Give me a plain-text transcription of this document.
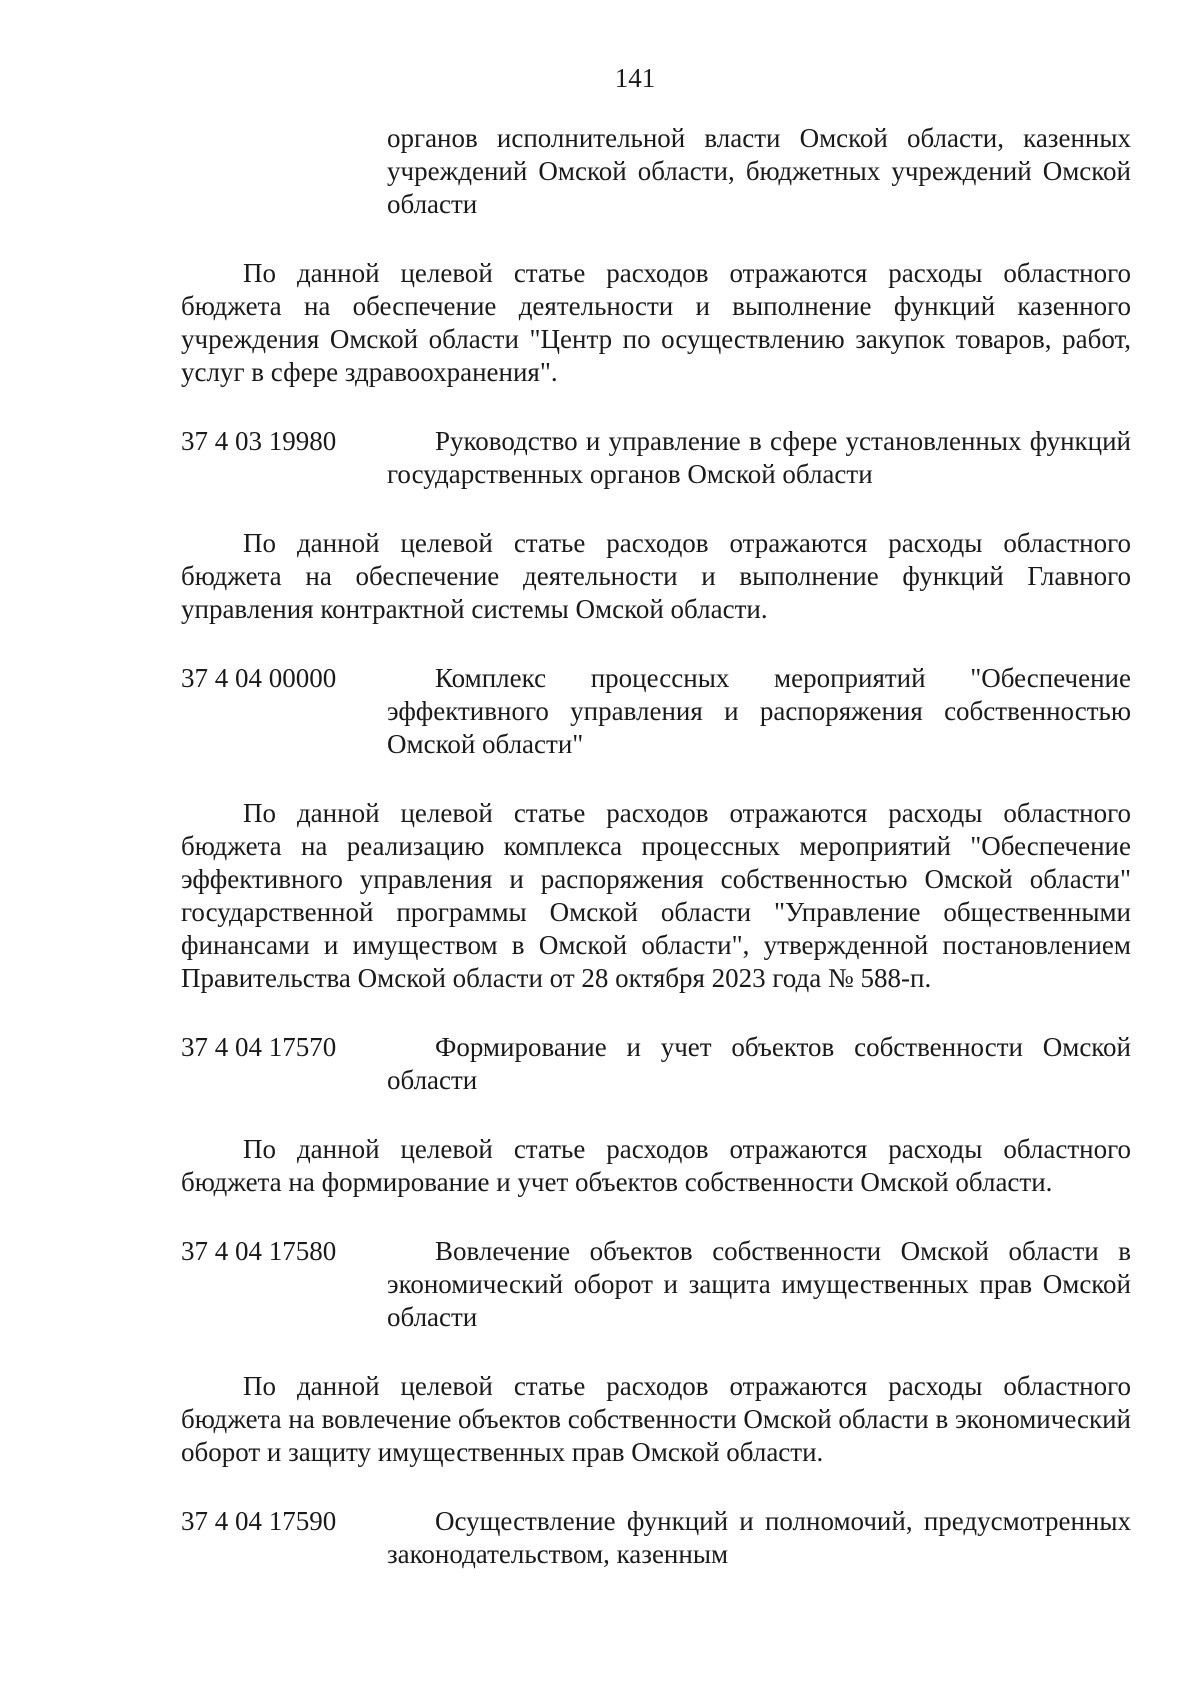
141
органов исполнительной власти Омской области, казенных учреждений Омской области, бюджетных учреждений Омской области
По данной целевой статье расходов отражаются расходы областного бюджета на обеспечение деятельности и выполнение функций казенного учреждения Омской области "Центр по осуществлению закупок товаров, работ, услуг в сфере здравоохранения".
37 4 03 19980	Руководство и управление в сфере установленных функций государственных органов Омской области
По данной целевой статье расходов отражаются расходы областного бюджета на обеспечение деятельности и выполнение функций Главного управления контрактной системы Омской области.
37 4 04 00000	Комплекс процессных мероприятий "Обеспечение эффективного управления и распоряжения собственностью Омской области"
По данной целевой статье расходов отражаются расходы областного бюджета на реализацию комплекса процессных мероприятий "Обеспечение эффективного управления и распоряжения собственностью Омской области" государственной программы Омской области "Управление общественными финансами и имуществом в Омской области", утвержденной постановлением Правительства Омской области от 28 октября 2023 года № 588-п.
37 4 04 17570	Формирование и учет объектов собственности Омской области
По данной целевой статье расходов отражаются расходы областного бюджета на формирование и учет объектов собственности Омской области.
37 4 04 17580	Вовлечение объектов собственности Омской области в экономический оборот и защита имущественных прав Омской области
По данной целевой статье расходов отражаются расходы областного бюджета на вовлечение объектов собственности Омской области в экономический оборот и защиту имущественных прав Омской области.
37 4 04 17590	Осуществление функций и полномочий, предусмотренных законодательством, казенным
